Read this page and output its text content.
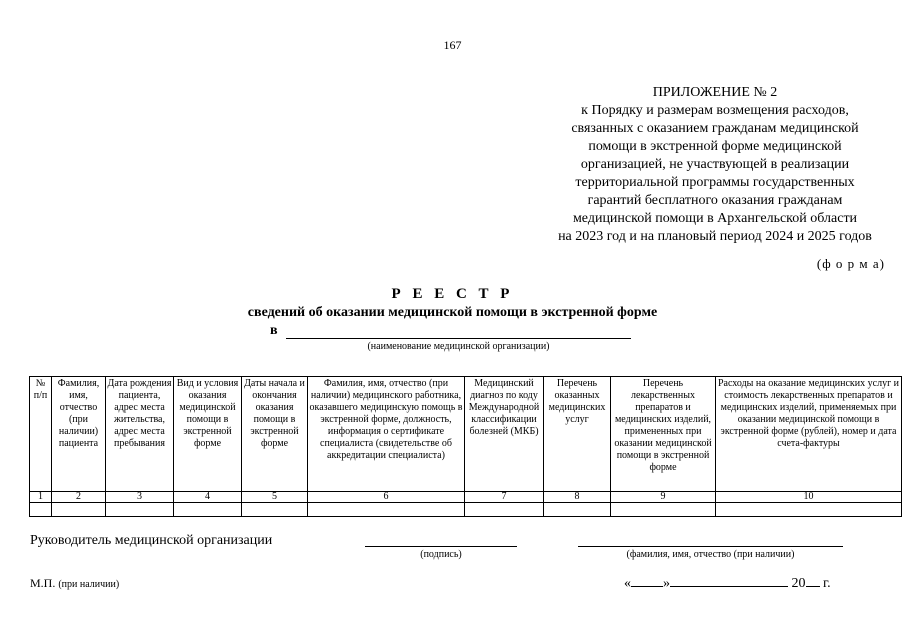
167
ПРИЛОЖЕНИЕ № 2
к Порядку и размерам возмещения расходов,
связанных с оказанием гражданам медицинской
помощи в экстренной форме медицинской
организацией, не участвующей в реализации
территориальной программы государственных
гарантий бесплатного оказания гражданам
медицинской помощи в Архангельской области
на 2023 год и на плановый период 2024 и 2025 годов
(ф о р м а)
Р Е Е С Т Р
сведений об оказании медицинской помощи в экстренной форме
в
(наименование медицинской организации)
№ п/п	Фамилия, имя, отчество (при наличии) пациента	Дата рождения пациента, адрес места жительства, адрес места пребывания	Вид и условия оказания медицинской помощи в экстренной форме	Даты начала и окончания оказания помощи в экстренной форме	Фамилия, имя, отчество (при наличии) медицинского работника, оказавшего медицинскую помощь в экстренной форме, должность, информация о сертификате специалиста (свидетельстве об аккредитации специалиста)	Медицинский диагноз по коду Международной классификации болезней (МКБ)	Перечень оказанных медицинских услуг	Перечень лекарственных препаратов и медицинских изделий, примененных при оказании медицинской помощи в экстренной форме	Расходы на оказание медицинских услуг и стоимость лекарственных препаратов и медицинских изделий, применяемых при оказании медицинской помощи в экстренной форме (рублей), номер и дата счета-фактуры
1	2	3	4	5	6	7	8	9	10

Руководитель медицинской организации
(подпись)	(фамилия, имя, отчество (при наличии)
М.П. (при наличии)	« »	20 г.
